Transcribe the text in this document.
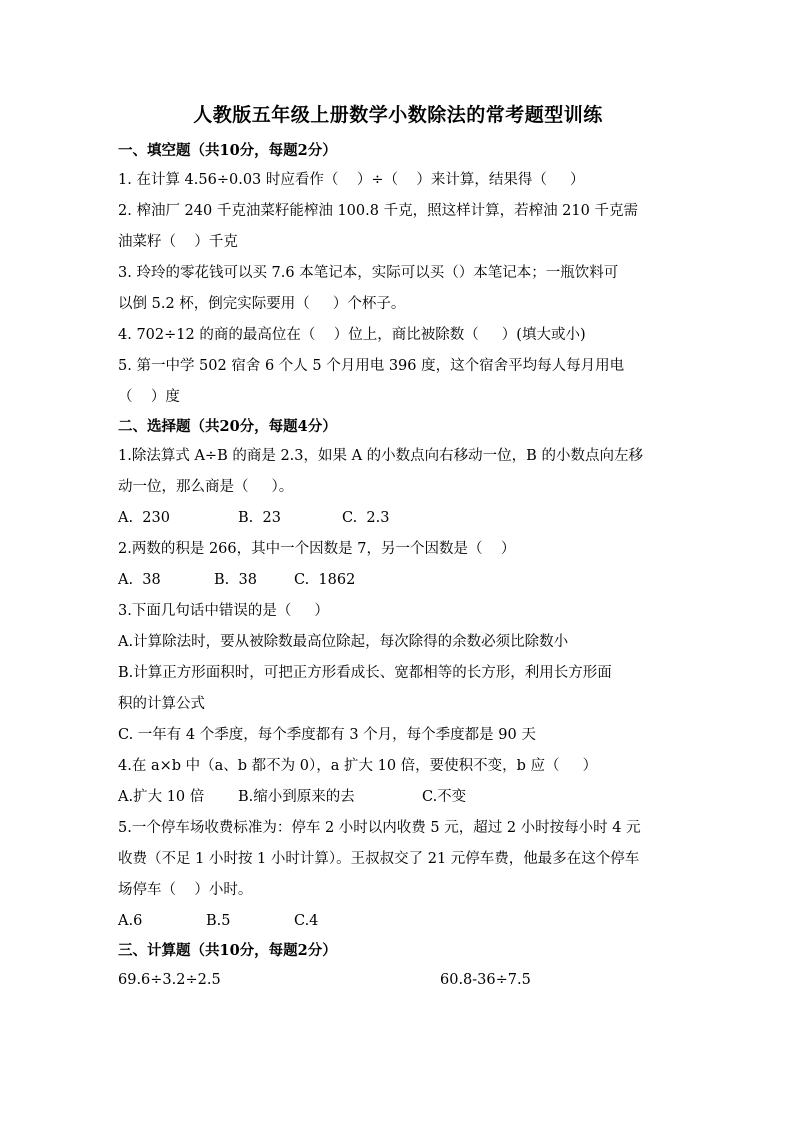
人教版五年级上册数学小数除法的常考题型训练
一、填空题（共10分，每题2分）
1. 在计算 4.56÷0.03 时应看作（    ）÷（    ）来计算，结果得（     ）
2. 榨油厂 240 千克油菜籽能榨油 100.8 千克，照这样计算，若榨油 210 千克需
油菜籽（    ）千克
3. 玲玲的零花钱可以买 7.6 本笔记本，实际可以买（）本笔记本；一瓶饮料可
以倒 5.2 杯，倒完实际要用（     ）个杯子。
4. 702÷12 的商的最高位在（    ）位上，商比被除数（     ）(填大或小)
5. 第一中学 502 宿舍 6 个人 5 个月用电 396 度，这个宿舍平均每人每月用电
（    ）度
二、选择题（共20分，每题4分）
1.除法算式 A÷B 的商是 2.3，如果 A 的小数点向右移动一位，B 的小数点向左移
动一位，那么商是（     ）。
A.  230	B.  23	C.  2.3
2.两数的积是 266，其中一个因数是 7，另一个因数是（    ）
A.  38	B.  38	C.  1862
3.下面几句话中错误的是（     ）
A.计算除法时，要从被除数最高位除起，每次除得的余数必须比除数小
B.计算正方形面积时，可把正方形看成长、宽都相等的长方形，利用长方形面
积的计算公式
C. 一年有 4 个季度，每个季度都有 3 个月，每个季度都是 90 天
4.在 a×b 中（a、b 都不为 0），a 扩大 10 倍，要使积不变，b 应（     ）
A.扩大 10 倍	B.缩小到原来的去	C.不变
5.一个停车场收费标准为：停车 2 小时以内收费 5 元，超过 2 小时按每小时 4 元
收费（不足 1 小时按 1 小时计算）。王叔叔交了 21 元停车费，他最多在这个停车
场停车（    ）小时。
A.6	B.5	C.4
三、计算题（共10分，每题2分）
69.6÷3.2÷2.5	60.8-36÷7.5
